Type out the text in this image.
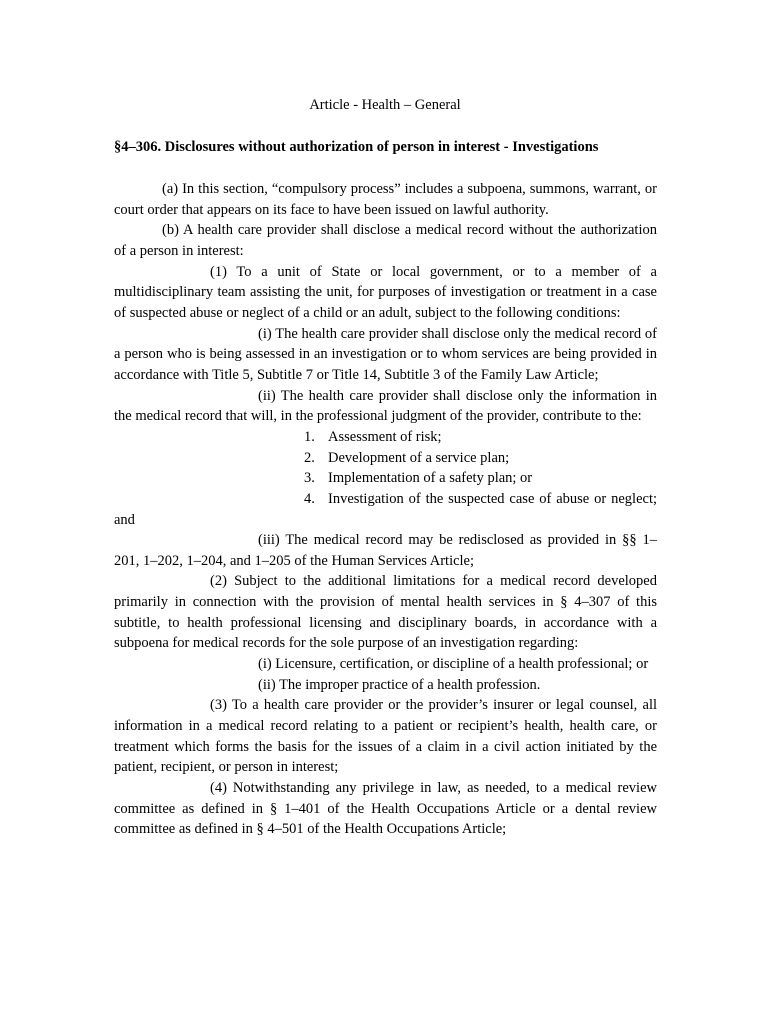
Article - Health – General
§4–306. Disclosures without authorization of person in interest - Investigations

(a) In this section, “compulsory process” includes a subpoena, summons, warrant, or court order that appears on its face to have been issued on lawful authority.

(b) A health care provider shall disclose a medical record without the authorization of a person in interest:

(1) To a unit of State or local government, or to a member of a multidisciplinary team assisting the unit, for purposes of investigation or treatment in a case of suspected abuse or neglect of a child or an adult, subject to the following conditions:

(i) The health care provider shall disclose only the medical record of a person who is being assessed in an investigation or to whom services are being provided in accordance with Title 5, Subtitle 7 or Title 14, Subtitle 3 of the Family Law Article;

(ii) The health care provider shall disclose only the information in the medical record that will, in the professional judgment of the provider, contribute to the:

1. Assessment of risk;

2. Development of a service plan;

3. Implementation of a safety plan; or

4. Investigation of the suspected case of abuse or neglect; and

(iii) The medical record may be redisclosed as provided in §§ 1–201, 1–202, 1–204, and 1–205 of the Human Services Article;

(2) Subject to the additional limitations for a medical record developed primarily in connection with the provision of mental health services in § 4–307 of this subtitle, to health professional licensing and disciplinary boards, in accordance with a subpoena for medical records for the sole purpose of an investigation regarding:

(i) Licensure, certification, or discipline of a health professional; or

(ii) The improper practice of a health profession.

(3) To a health care provider or the provider’s insurer or legal counsel, all information in a medical record relating to a patient or recipient’s health, health care, or treatment which forms the basis for the issues of a claim in a civil action initiated by the patient, recipient, or person in interest;

(4) Notwithstanding any privilege in law, as needed, to a medical review committee as defined in § 1–401 of the Health Occupations Article or a dental review committee as defined in § 4–501 of the Health Occupations Article;
